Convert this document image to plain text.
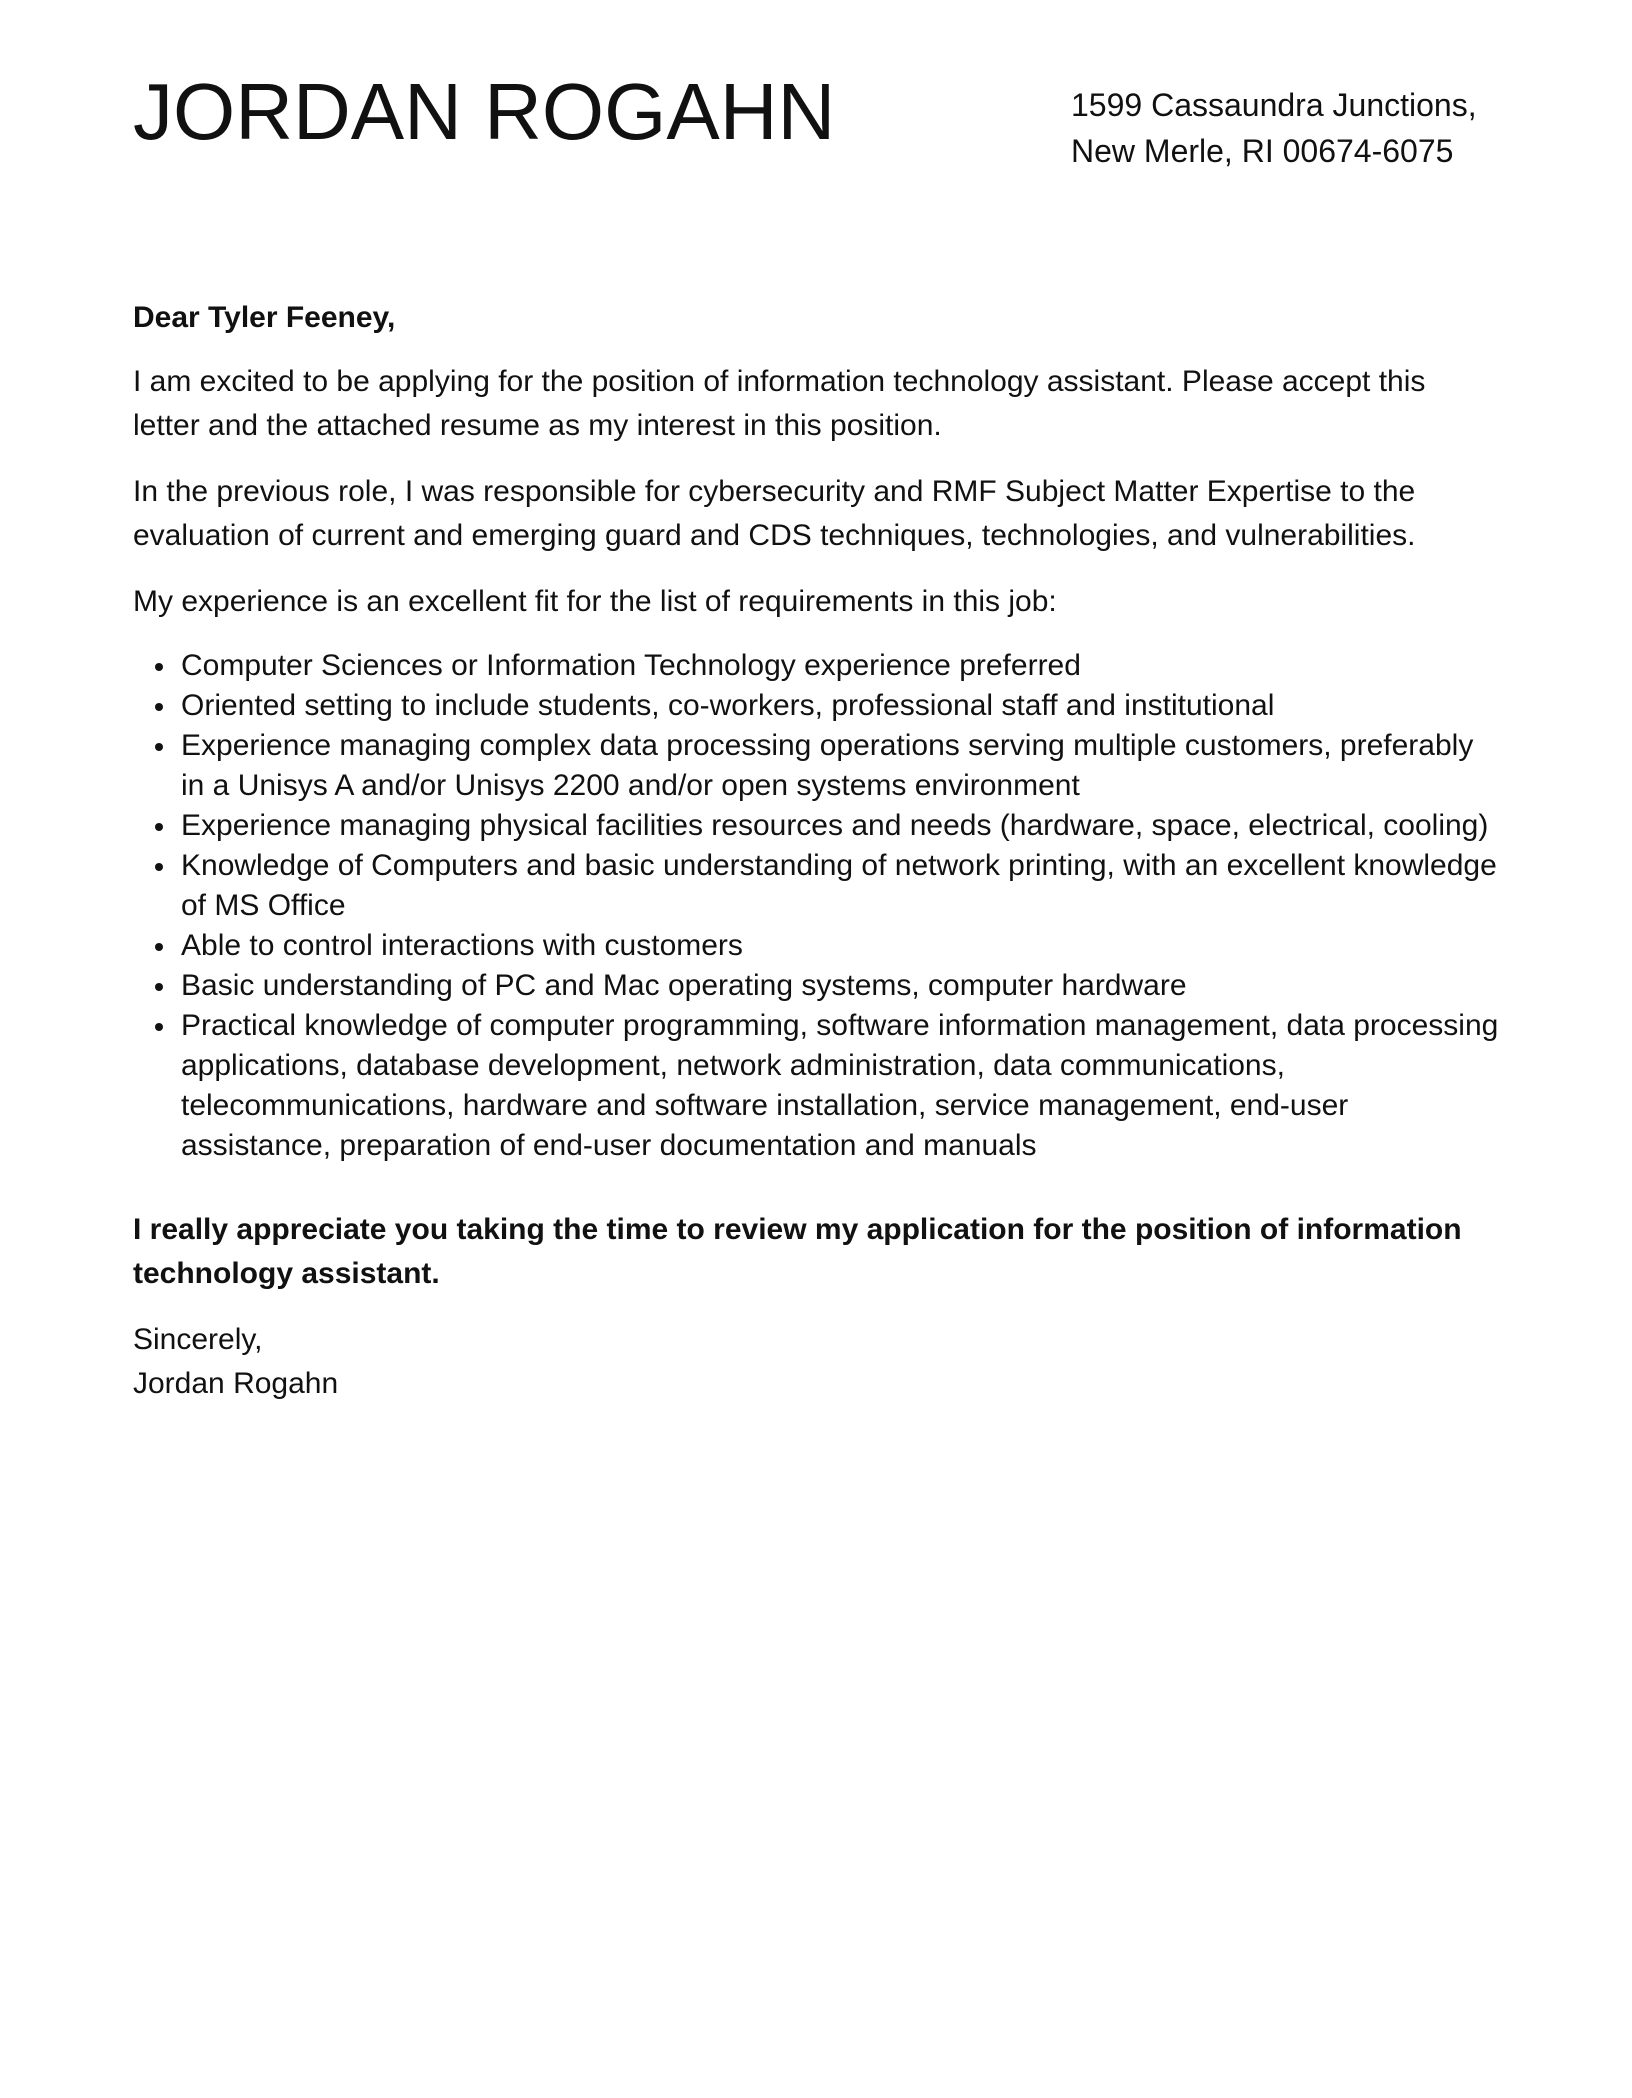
JORDAN ROGAHN	1599 Cassaundra Junctions,
New Merle, RI 00674-6075

Dear Tyler Feeney,

I am excited to be applying for the position of information technology assistant. Please accept this letter and the attached resume as my interest in this position.

In the previous role, I was responsible for cybersecurity and RMF Subject Matter Expertise to the evaluation of current and emerging guard and CDS techniques, technologies, and vulnerabilities.

My experience is an excellent fit for the list of requirements in this job:

Computer Sciences or Information Technology experience preferred
Oriented setting to include students, co-workers, professional staff and institutional
Experience managing complex data processing operations serving multiple customers, preferably in a Unisys A and/or Unisys 2200 and/or open systems environment
Experience managing physical facilities resources and needs (hardware, space, electrical, cooling)
Knowledge of Computers and basic understanding of network printing, with an excellent knowledge of MS Office
Able to control interactions with customers
Basic understanding of PC and Mac operating systems, computer hardware
Practical knowledge of computer programming, software information management, data processing applications, database development, network administration, data communications, telecommunications, hardware and software installation, service management, end-user assistance, preparation of end-user documentation and manuals

I really appreciate you taking the time to review my application for the position of information technology assistant.

Sincerely,
Jordan Rogahn
